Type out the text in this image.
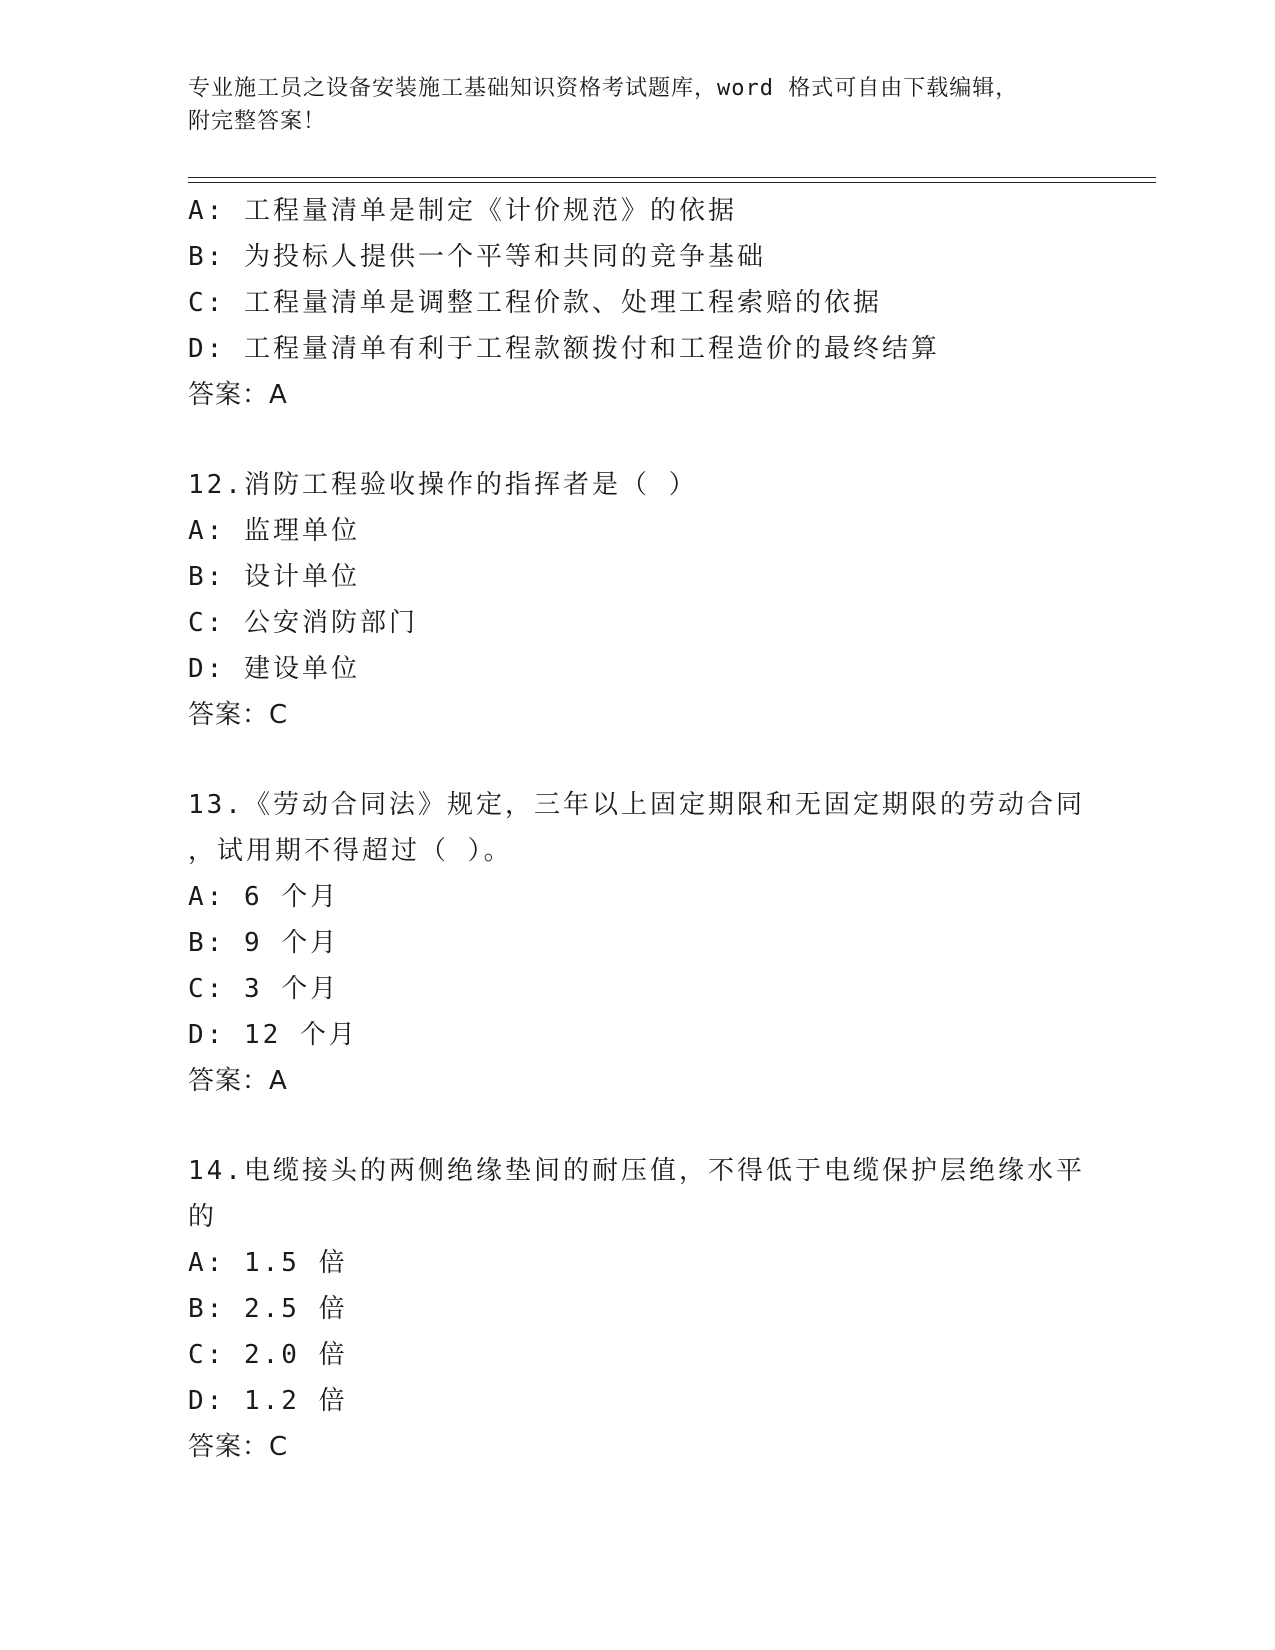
专业施工员之设备安装施工基础知识资格考试题库，word 格式可自由下载编辑，
附完整答案！
A: 工程量清单是制定《计价规范》的依据
B: 为投标人提供一个平等和共同的竞争基础
C: 工程量清单是调整工程价款、处理工程索赔的依据
D: 工程量清单有利于工程款额拨付和工程造价的最终结算
答案：A
12.消防工程验收操作的指挥者是（ ）
A: 监理单位
B: 设计单位
C: 公安消防部门
D: 建设单位
答案：C
13.《劳动合同法》规定，三年以上固定期限和无固定期限的劳动合同
，试用期不得超过（ ）。
A: 6 个月
B: 9 个月
C: 3 个月
D: 12 个月
答案：A
14.电缆接头的两侧绝缘垫间的耐压值，不得低于电缆保护层绝缘水平
的
A: 1.5 倍
B: 2.5 倍
C: 2.0 倍
D: 1.2 倍
答案：C
